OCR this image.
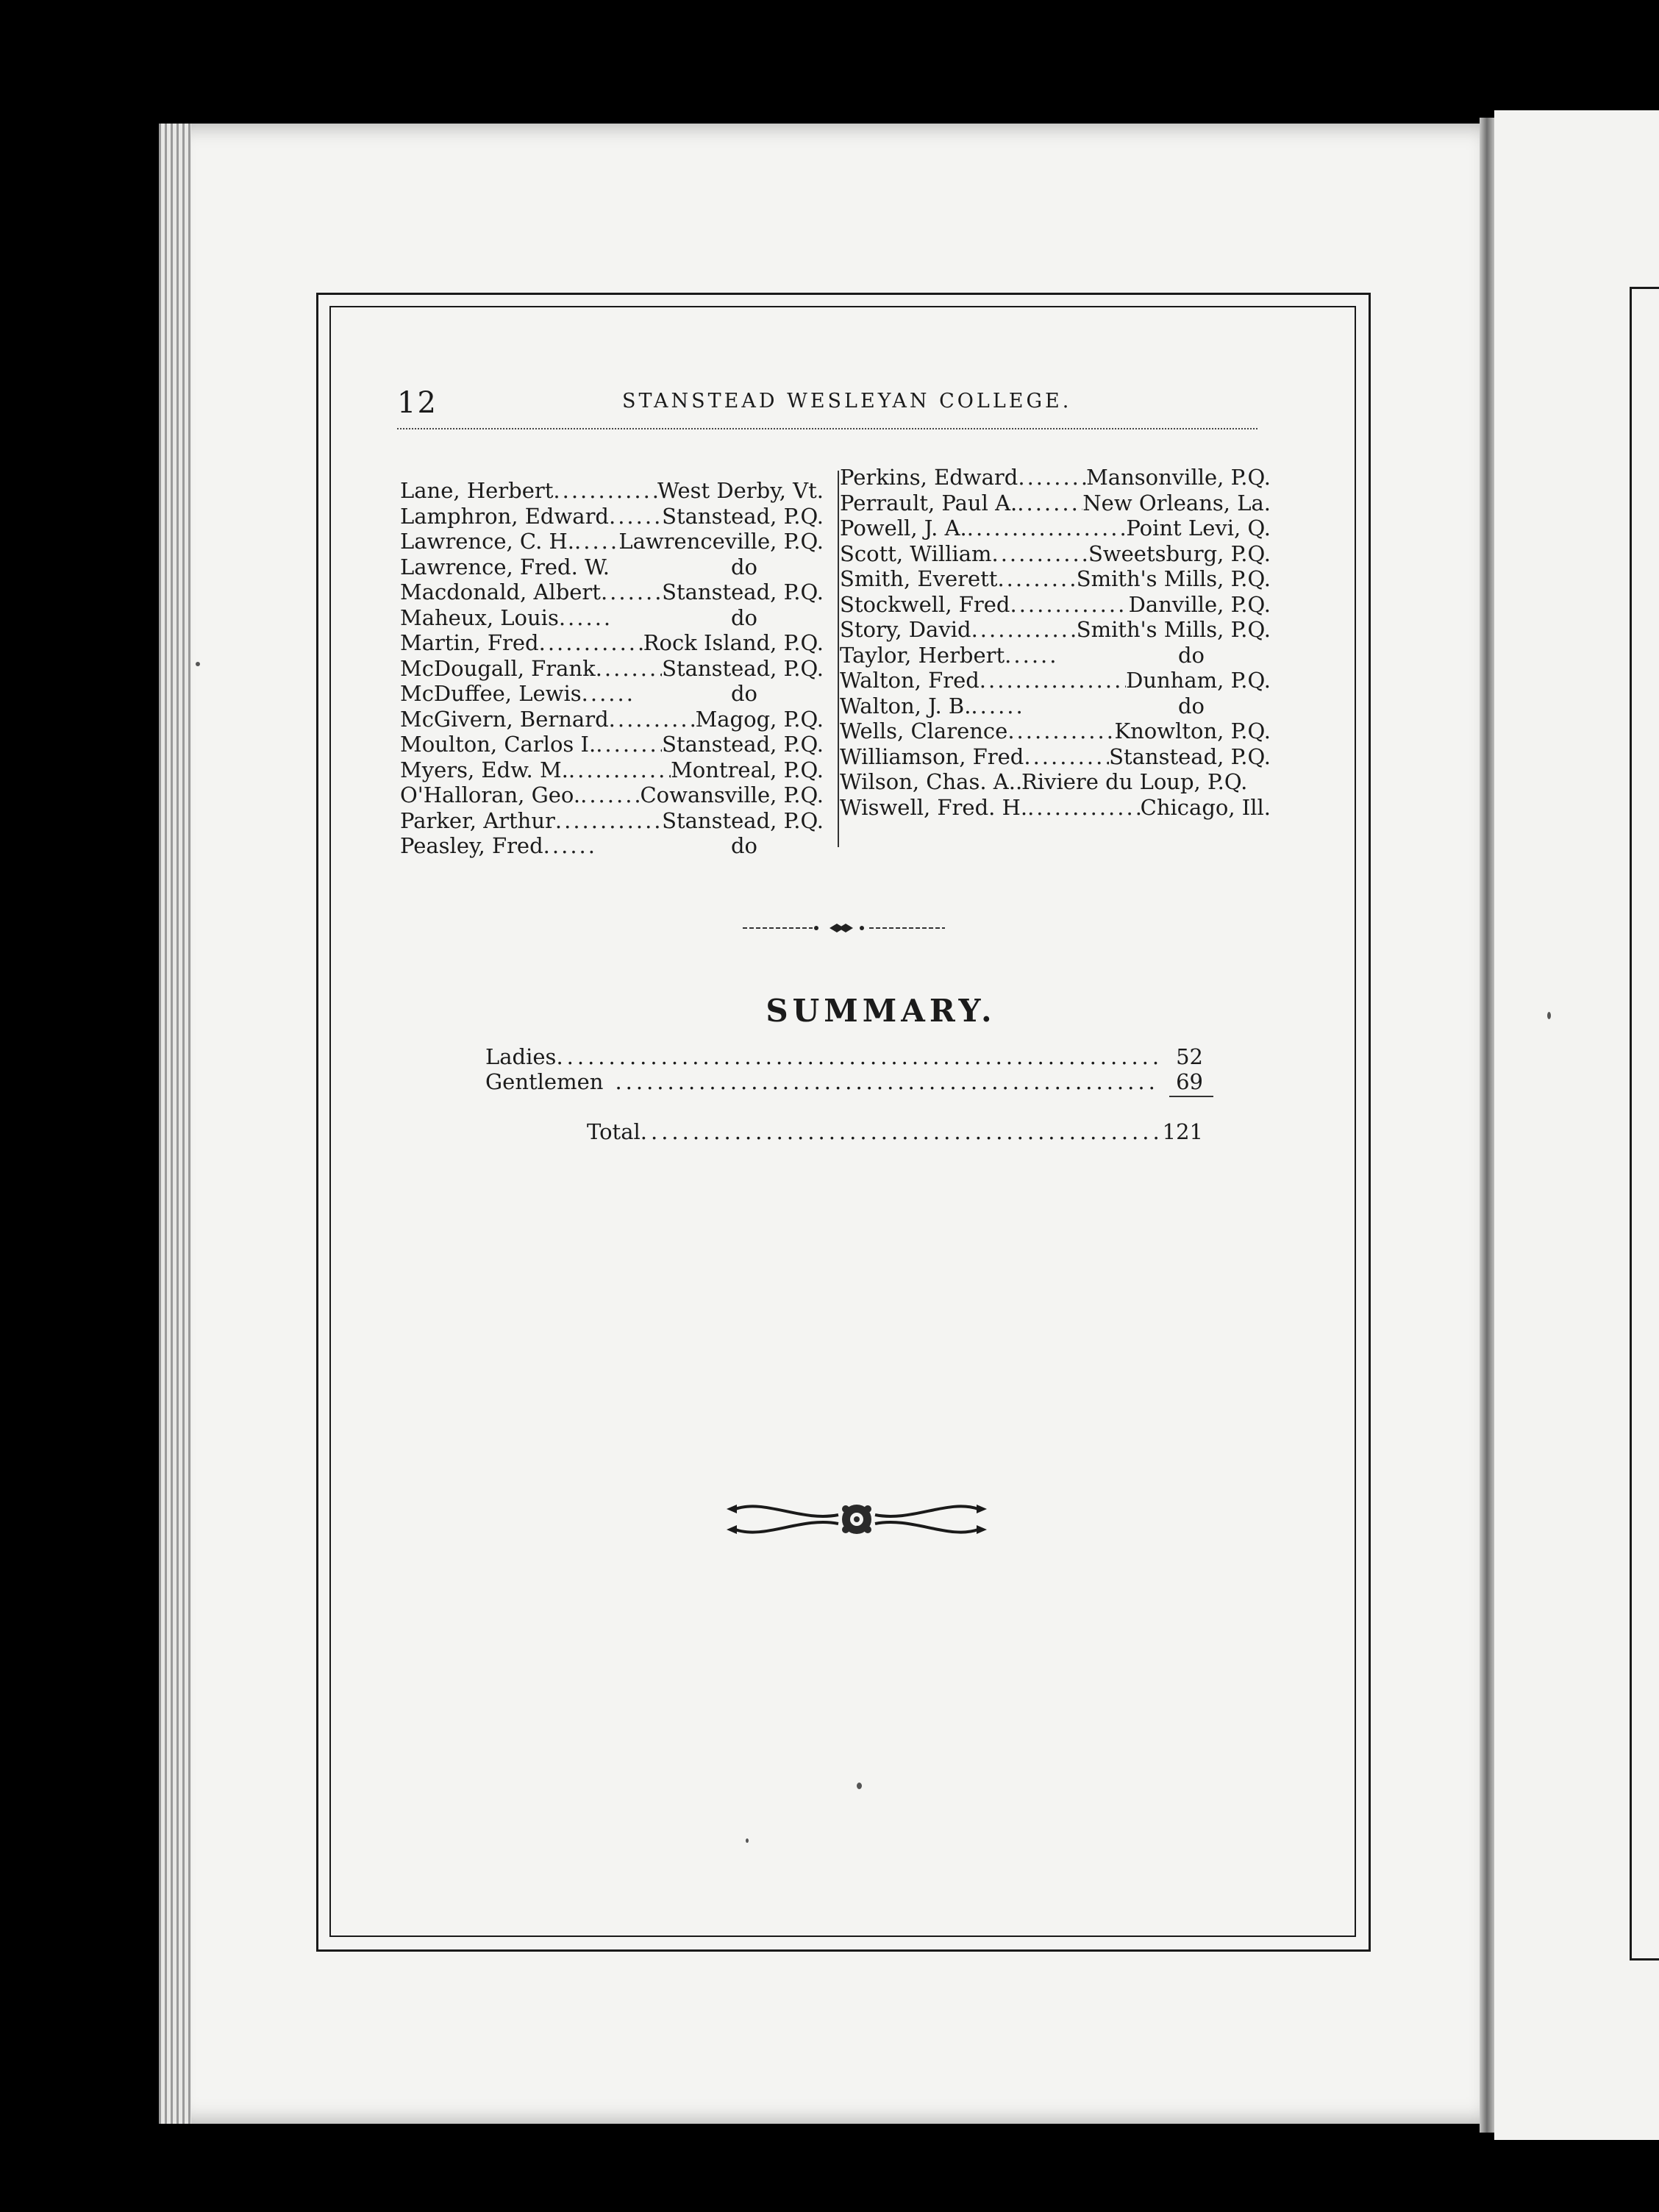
12	STANSTEAD WESLEYAN COLLEGE.
Lane, Herbert .....	West Derby, Vt.
Lamphron, Edward ..... Stanstead, P.Q.
Lawrence, C. H. ..... Lawrenceville, P.Q.
Lawrence, Fred. W.	do
Macdonald, Albert .....	Stanstead, P.Q.
Maheux, Louis ......	do
Martin, Fred .....	Rock Island, P.Q.
McDougall, Frank .....	Stanstead, P.Q.
McDuffee, Lewis ......	do
McGivern, Bernard .....	Magog, P.Q.
Moulton, Carlos I. .....	Stanstead, P.Q.
Myers, Edw. M. .....	Montreal, P.Q.
O'Halloran, Geo. .....	Cowansville, P.Q.
Parker, Arthur .....	Stanstead, P.Q.
Peasley, Fred ......	do
Perkins, Edward .....	Mansonville, P.Q.
Perrault, Paul A. .....	New Orleans, La.
Powell, J. A. .....	Point Levi, Q.
Scott, William .....	Sweetsburg, P.Q.
Smith, Everett .....	Smith's Mills, P.Q.
Stockwell, Fred .....	Danville, P.Q.
Story, David .....	Smith's Mills, P.Q.
Taylor, Herbert ......	do
Walton, Fred .....	Dunham, P.Q.
Walton, J. B. ......	do
Wells, Clarence .....	Knowlton, P.Q.
Williamson, Fred .....	Stanstead, P.Q.
Wilson, Chas. A. ..... Riviere du Loup, P.Q.
Wiswell, Fred. H. .....	Chicago, Ill.
SUMMARY.
Ladies .....	52
Gentlemen .....	69
Total .....	121
